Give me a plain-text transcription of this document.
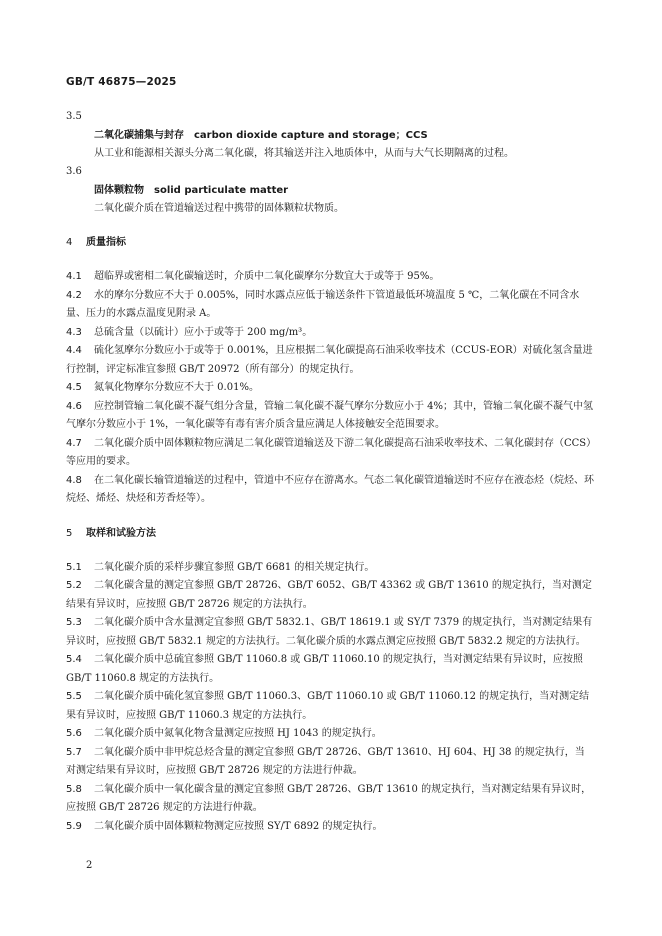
GB/T 46875—2025

3.5

二氧化碳捕集与封存　carbon dioxide capture and storage；CCS

从工业和能源相关源头分离二氧化碳，将其输送并注入地质体中，从而与大气长期隔离的过程。

3.6

固体颗粒物　solid particulate matter

二氧化碳介质在管道输送过程中携带的固体颗粒状物质。

4 质量指标

4.1 超临界或密相二氧化碳输送时，介质中二氧化碳摩尔分数宜大于或等于 95%。

4.2 水的摩尔分数应不大于 0.005%，同时水露点应低于输送条件下管道最低环境温度 5 ℃，二氧化碳在不同含水量、压力的水露点温度见附录 A。

4.3 总硫含量（以硫计）应小于或等于 200 mg/m³。

4.4 硫化氢摩尔分数应小于或等于 0.001%，且应根据二氧化碳提高石油采收率技术（CCUS-EOR）对硫化氢含量进行控制，评定标准宜参照 GB/T 20972（所有部分）的规定执行。

4.5 氮氧化物摩尔分数应不大于 0.01%。

4.6 应控制管输二氧化碳不凝气组分含量，管输二氧化碳不凝气摩尔分数应小于 4%；其中，管输二氧化碳不凝气中氢气摩尔分数应小于 1%，一氧化碳等有毒有害介质含量应满足人体接触安全范围要求。

4.7 二氧化碳介质中固体颗粒物应满足二氧化碳管道输送及下游二氧化碳提高石油采收率技术、二氧化碳封存（CCS）等应用的要求。

4.8 在二氧化碳长输管道输送的过程中，管道中不应存在游离水。气态二氧化碳管道输送时不应存在液态烃（烷烃、环烷烃、烯烃、炔烃和芳香烃等）。

5 取样和试验方法

5.1 二氧化碳介质的采样步骤宜参照 GB/T 6681 的相关规定执行。

5.2 二氧化碳含量的测定宜参照 GB/T 28726、GB/T 6052、GB/T 43362 或 GB/T 13610 的规定执行，当对测定结果有异议时，应按照 GB/T 28726 规定的方法执行。

5.3 二氧化碳介质中含水量测定宜参照 GB/T 5832.1、GB/T 18619.1 或 SY/T 7379 的规定执行，当对测定结果有异议时，应按照 GB/T 5832.1 规定的方法执行。二氧化碳介质的水露点测定应按照 GB/T 5832.2 规定的方法执行。

5.4 二氧化碳介质中总硫宜参照 GB/T 11060.8 或 GB/T 11060.10 的规定执行，当对测定结果有异议时，应按照 GB/T 11060.8 规定的方法执行。

5.5 二氧化碳介质中硫化氢宜参照 GB/T 11060.3、GB/T 11060.10 或 GB/T 11060.12 的规定执行，当对测定结果有异议时，应按照 GB/T 11060.3 规定的方法执行。

5.6 二氧化碳介质中氮氧化物含量测定应按照 HJ 1043 的规定执行。

5.7 二氧化碳介质中非甲烷总烃含量的测定宜参照 GB/T 28726、GB/T 13610、HJ 604、HJ 38 的规定执行，当对测定结果有异议时，应按照 GB/T 28726 规定的方法进行仲裁。

5.8 二氧化碳介质中一氧化碳含量的测定宜参照 GB/T 28726、GB/T 13610 的规定执行，当对测定结果有异议时，应按照 GB/T 28726 规定的方法进行仲裁。

5.9 二氧化碳介质中固体颗粒物测定应按照 SY/T 6892 的规定执行。

2
